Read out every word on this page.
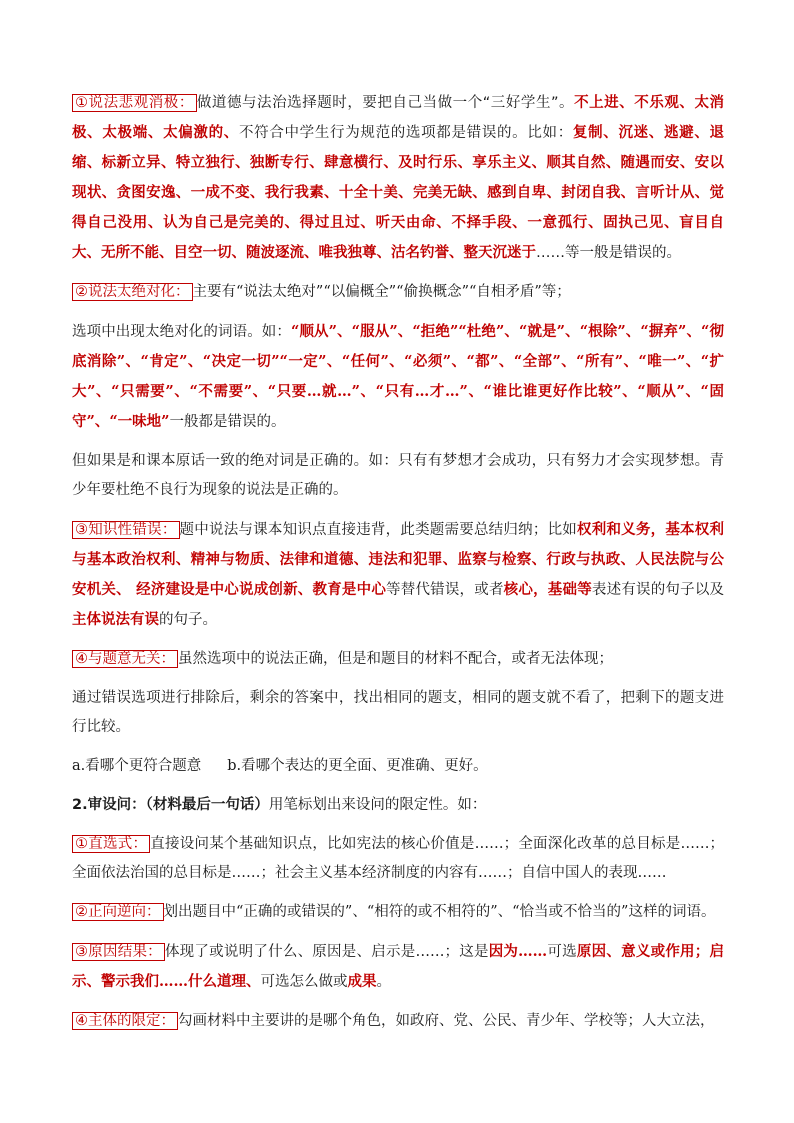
①说法悲观消极： 做道德与法治选择题时，要把自己当做一个“三好学生”。不上进、不乐观、太消极、太极端、太偏激的、不符合中学生行为规范的选项都是错误的。比如：复制、沉迷、逃避、退缩、标新立异、特立独行、独断专行、肆意横行、及时行乐、享乐主义、顺其自然、随遇而安、安以现状、贪图安逸、一成不变、我行我素、十全十美、完美无缺、感到自卑、封闭自我、言听计从、觉得自己没用、认为自己是完美的、得过且过、听天由命、不择手段、一意孤行、固执己见、盲目自大、无所不能、目空一切、随波逐流、唯我独尊、沽名钓誉、整天沉迷于……等一般是错误的。

②说法太绝对化： 主要有“说法太绝对”“以偏概全”“偷换概念”“自相矛盾”等；

选项中出现太绝对化的词语。如：“顺从”、“服从”、“拒绝”“杜绝”、“就是”、“根除”、“摒弃”、“彻底消除”、“肯定”、“决定一切”“一定”、“任何”、“必须”、“都”、“全部”、“所有”、“唯一”、“扩大”、“只需要”、“不需要”、“只要…就…”、“只有…才…”、“谁比谁更好作比较”、“顺从”、“固守”、“一味地”一般都是错误的。

但如果是和课本原话一致的绝对词是正确的。如：只有有梦想才会成功，只有努力才会实现梦想。青少年要杜绝不良行为现象的说法是正确的。

③知识性错误： 题中说法与课本知识点直接违背，此类题需要总结归纳；比如权利和义务，基本权利与基本政治权利、精神与物质、法律和道德、违法和犯罪、监察与检察、行政与执政、人民法院与公安机关、 经济建设是中心说成创新、教育是中心等替代错误，或者核心，基础等表述有误的句子以及主体说法有误的句子。

④与题意无关： 虽然选项中的说法正确，但是和题目的材料不配合，或者无法体现；

通过错误选项进行排除后，剩余的答案中，找出相同的题支，相同的题支就不看了，把剩下的题支进行比较。

a.看哪个更符合题意 b.看哪个表达的更全面、更准确、更好。

2.审设问：（材料最后一句话）用笔标划出来设问的限定性。如：

①直选式： 直接设问某个基础知识点，比如宪法的核心价值是……；全面深化改革的总目标是……；全面依法治国的总目标是……；社会主义基本经济制度的内容有……；自信中国人的表现……

②正向逆向： 划出题目中“正确的或错误的”、“相符的或不相符的”、“恰当或不恰当的”这样的词语。

③原因结果： 体现了或说明了什么、原因是、启示是……；这是因为……可选原因、意义或作用；启示、警示我们……什么道理、可选怎么做或成果。

④主体的限定： 勾画材料中主要讲的是哪个角色，如政府、党、公民、青少年、学校等；人大立法，
